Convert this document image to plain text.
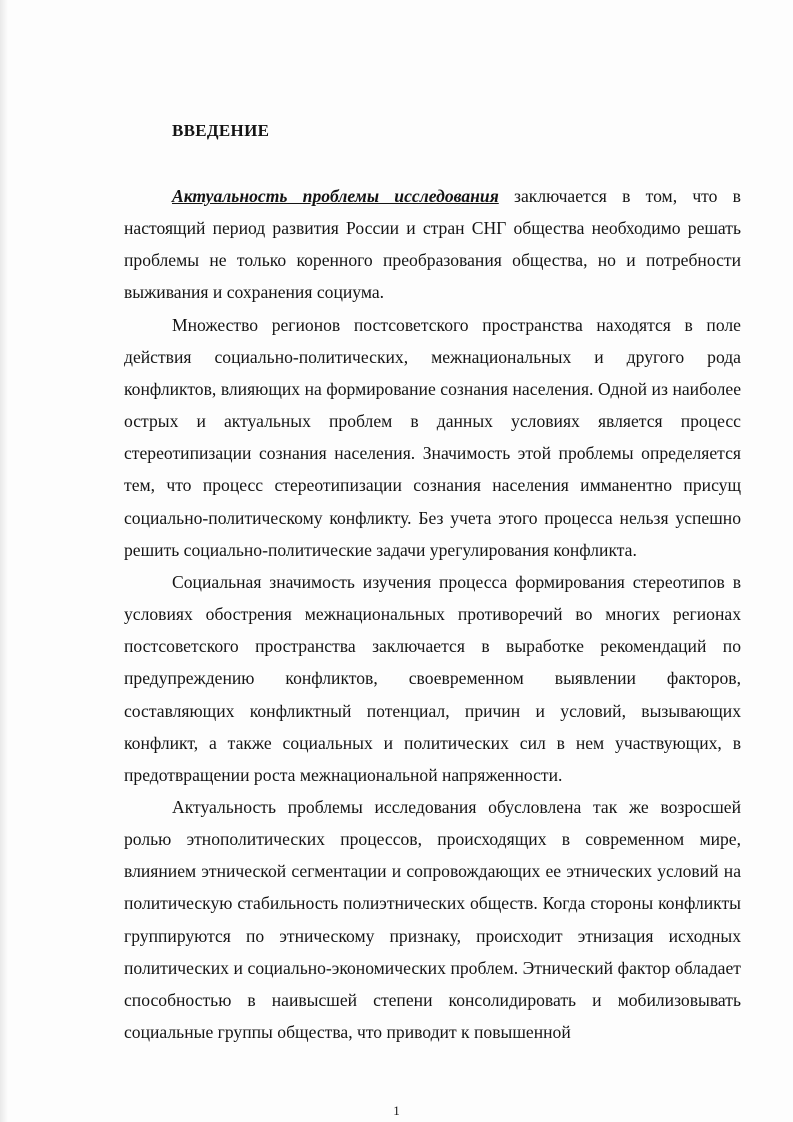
ВВЕДЕНИЕ

Актуальность проблемы исследования заключается в том, что в настоящий период развития России и стран СНГ общества необходимо решать проблемы не только коренного преобразования общества, но и потребности выживания и сохранения социума.

Множество регионов постсоветского пространства находятся в поле действия социально-политических, межнациональных и другого рода конфликтов, влияющих на формирование сознания населения. Одной из наиболее острых и актуальных проблем в данных условиях является процесс стереотипизации сознания населения. Значимость этой проблемы определяется тем, что процесс стереотипизации сознания населения имманентно присущ социально-политическому конфликту. Без учета этого процесса нельзя успешно решить социально-политические задачи урегулирования конфликта.

Социальная значимость изучения процесса формирования стереотипов в условиях обострения межнациональных противоречий во многих регионах постсоветского пространства заключается в выработке рекомендаций по предупреждению конфликтов, своевременном выявлении факторов, составляющих конфликтный потенциал, причин и условий, вызывающих конфликт, а также социальных и политических сил в нем участвующих, в предотвращении роста межнациональной напряженности.

Актуальность проблемы исследования обусловлена так же возросшей ролью этнополитических процессов, происходящих в современном мире, влиянием этнической сегментации и сопровождающих ее этнических условий на политическую стабильность полиэтнических обществ. Когда стороны конфликты группируются по этническому признаку, происходит этнизация исходных политических и социально-экономических проблем. Этнический фактор обладает способностью в наивысшей степени консолидировать и мобилизовывать социальные группы общества, что приводит к повышенной

1
